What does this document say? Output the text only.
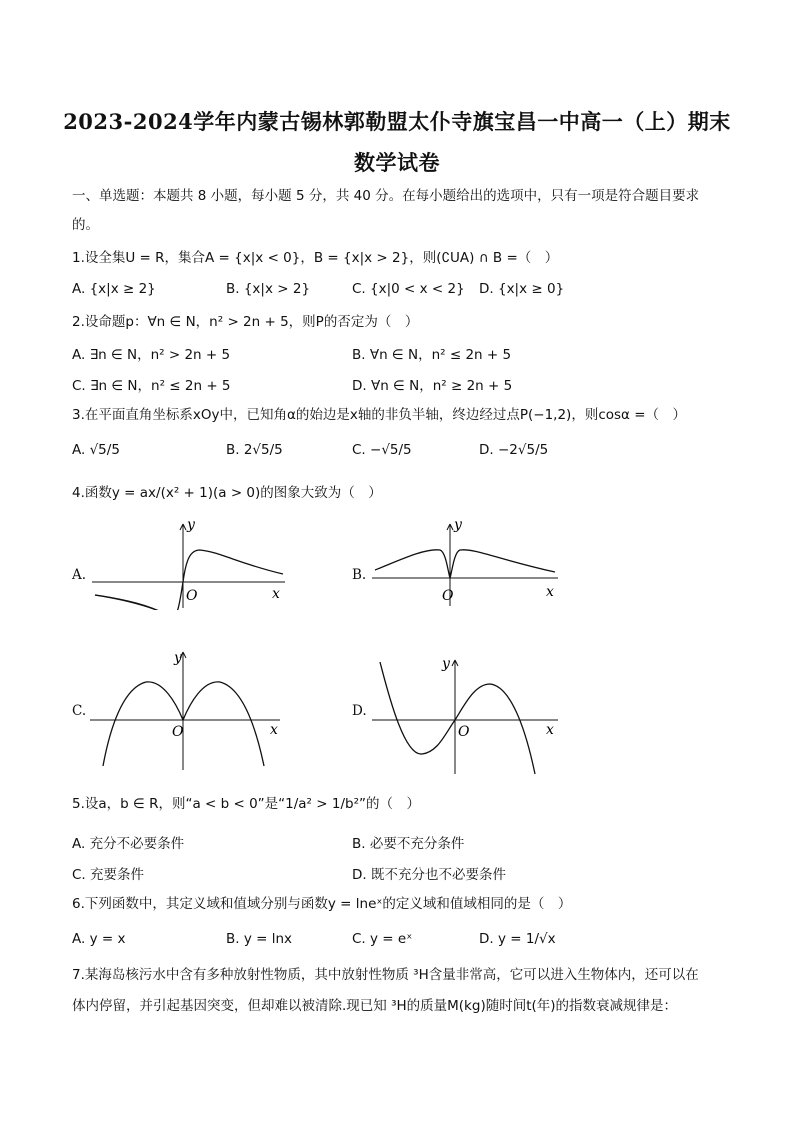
2023-2024学年内蒙古锡林郭勒盟太仆寺旗宝昌一中高一（上）期末
数学试卷
一、单选题：本题共 8 小题，每小题 5 分，共 40 分。在每小题给出的选项中，只有一项是符合题目要求
的。
1.设全集U = R，集合A = {x|x < 0}，B = {x|x > 2}，则(∁UA) ∩ B =（　）
A. {x|x ≥ 2}	B. {x|x > 2}	C. {x|0 < x < 2} D. {x|x ≥ 0}
2.设命题p：∀n ∈ N，n² > 2n + 5，则P的否定为（　）
A. ∃n ∈ N，n² > 2n + 5	B. ∀n ∈ N，n² ≤ 2n + 5
C. ∃n ∈ N，n² ≤ 2n + 5	D. ∀n ∈ N，n² ≥ 2n + 5
3.在平面直角坐标系xOy中，已知角α的始边是x轴的非负半轴，终边经过点P(−1,2)，则cosα =（　）
A. √5/5	B. 2√5/5	C. −√5/5	D. −2√5/5
4.函数y = ax/(x² + 1)(a > 0)的图象大致为（　）
A.
y
x
O
B.
y
x
O
C.
y
x
O
D.
y
x
O
5.设a，b ∈ R，则“a < b < 0”是“1/a² > 1/b²”的（　）
A. 充分不必要条件	B. 必要不充分条件
C. 充要条件	D. 既不充分也不必要条件
6.下列函数中，其定义域和值域分别与函数y = lneˣ的定义域和值域相同的是（　）
A. y = x	B. y = lnx	C. y = eˣ	D. y = 1/√x
7.某海岛核污水中含有多种放射性物质，其中放射性物质 ³H含量非常高，它可以进入生物体内，还可以在
体内停留，并引起基因突变，但却难以被清除.现已知 ³H的质量M(kg)随时间t(年)的指数衰减规律是：
